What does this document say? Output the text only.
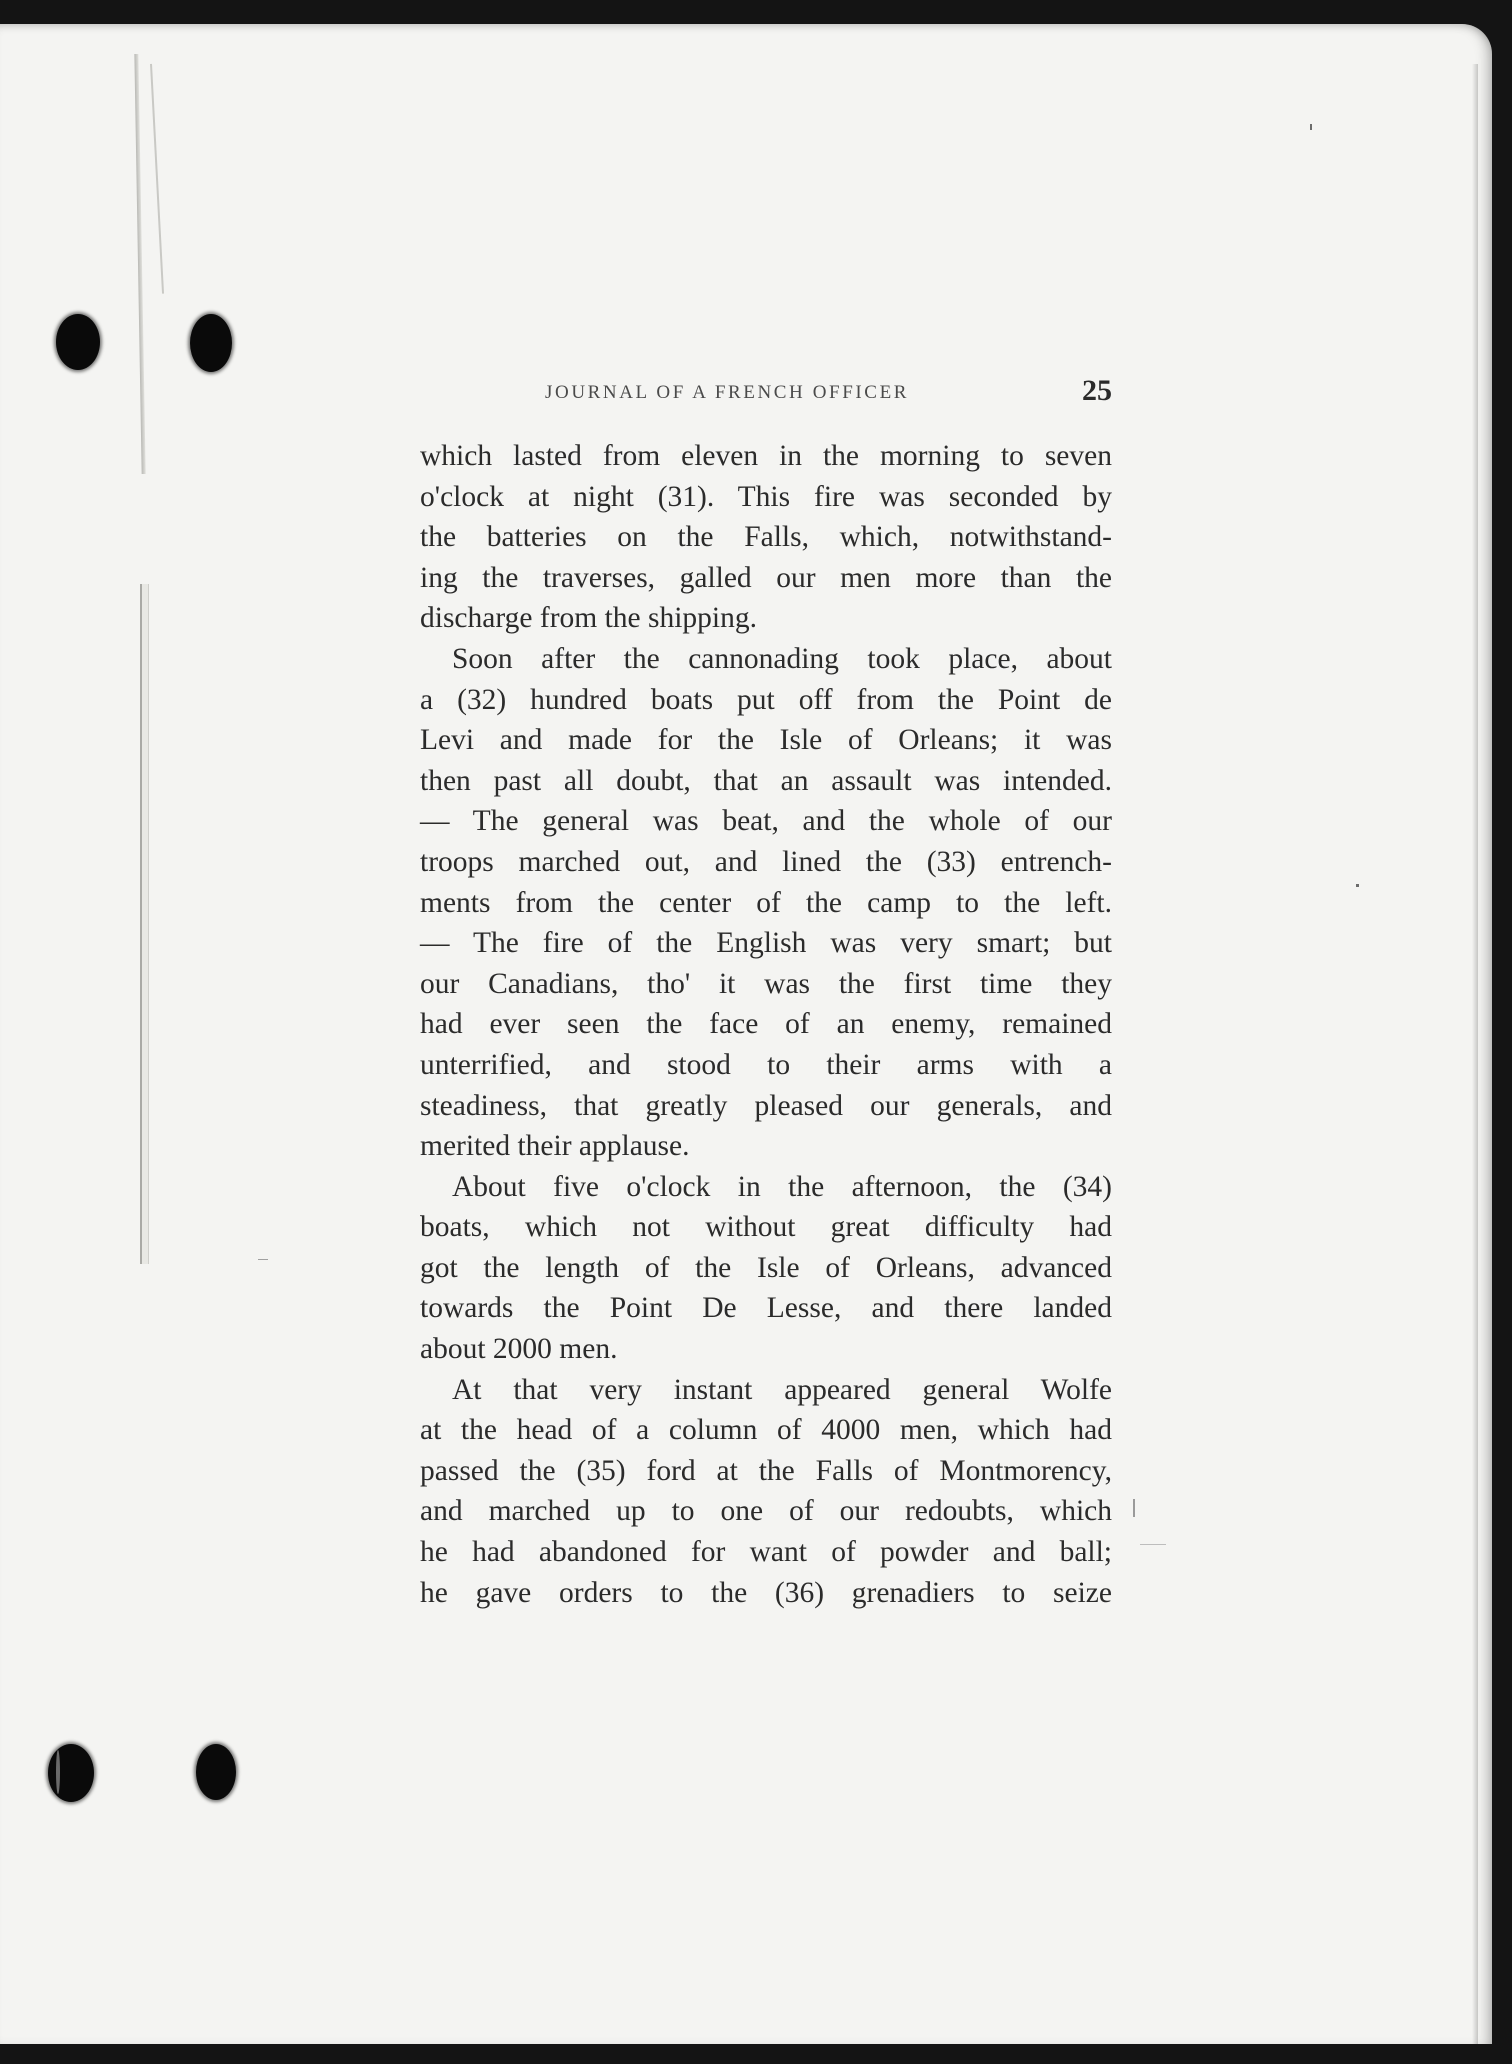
JOURNAL OF A FRENCH OFFICER	25
which lasted from eleven in the morning to seven
o'clock at night (31). This fire was seconded by
the batteries on the Falls, which, notwithstand-
ing the traverses, galled our men more than the
discharge from the shipping.
Soon after the cannonading took place, about
a (32) hundred boats put off from the Point de
Levi and made for the Isle of Orleans; it was
then past all doubt, that an assault was intended.
— The general was beat, and the whole of our
troops marched out, and lined the (33) entrench-
ments from the center of the camp to the left.
— The fire of the English was very smart; but
our Canadians, tho' it was the first time they
had ever seen the face of an enemy, remained
unterrified, and stood to their arms with a
steadiness, that greatly pleased our generals, and
merited their applause.
About five o'clock in the afternoon, the (34)
boats, which not without great difficulty had
got the length of the Isle of Orleans, advanced
towards the Point De Lesse, and there landed
about 2000 men.
At that very instant appeared general Wolfe
at the head of a column of 4000 men, which had
passed the (35) ford at the Falls of Montmorency,
and marched up to one of our redoubts, which
he had abandoned for want of powder and ball;
he gave orders to the (36) grenadiers to seize
